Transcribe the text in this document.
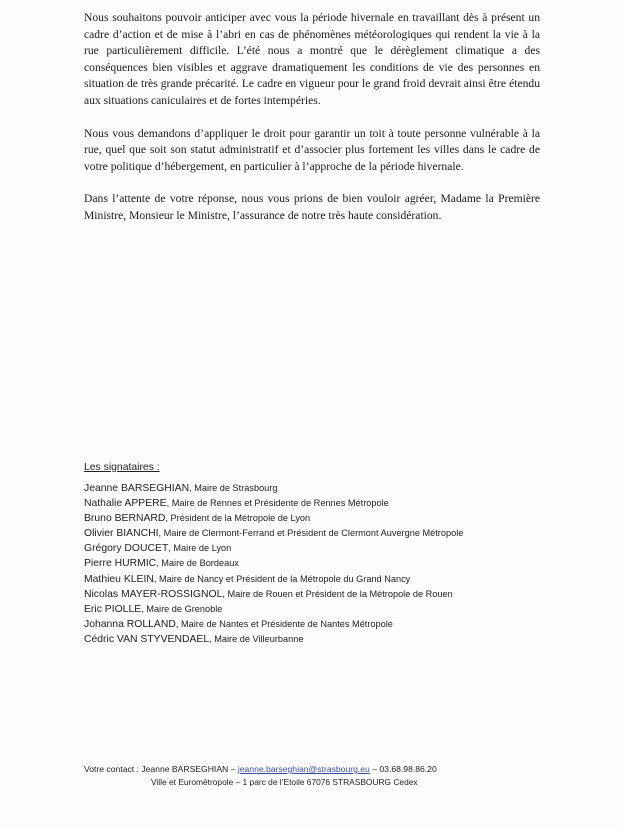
Nous souhaitons pouvoir anticiper avec vous la période hivernale en travaillant dès à présent un cadre d’action et de mise à l’abri en cas de phénomènes météorologiques qui rendent la vie à la rue particulièrement difficile. L’été nous a montré que le dérèglement climatique a des conséquences bien visibles et aggrave dramatiquement les conditions de vie des personnes en situation de très grande précarité. Le cadre en vigueur pour le grand froid devrait ainsi être étendu aux situations caniculaires et de fortes intempéries.

Nous vous demandons d’appliquer le droit pour garantir un toit à toute personne vulnérable à la rue, quel que soit son statut administratif et d’associer plus fortement les villes dans le cadre de votre politique d’hébergement, en particulier à l’approche de la période hivernale.

Dans l’attente de votre réponse, nous vous prions de bien vouloir agréer, Madame la Première Ministre, Monsieur le Ministre, l’assurance de notre très haute considération.

Les signataires :
Jeanne BARSEGHIAN, Maire de Strasbourg
Nathalie APPERE, Maire de Rennes et Présidente de Rennes Métropole
Bruno BERNARD, Président de la Métropole de Lyon
Olivier BIANCHI, Maire de Clermont-Ferrand et Président de Clermont Auvergne Métropole
Grégory DOUCET, Maire de Lyon
Pierre HURMIC, Maire de Bordeaux
Mathieu KLEIN, Maire de Nancy et Président de la Métropole du Grand Nancy
Nicolas MAYER-ROSSIGNOL, Maire de Rouen et Président de la Métropole de Rouen
Eric PIOLLE, Maire de Grenoble
Johanna ROLLAND, Maire de Nantes et Présidente de Nantes Métropole
Cédric VAN STYVENDAEL, Maire de Villeurbanne
Votre contact : Jeanne BARSEGHIAN – jeanne.barseghian@strasbourg.eu – 03.68.98.86.20
Ville et Eurométropole – 1 parc de l’Etoile 67076 STRASBOURG Cedex
